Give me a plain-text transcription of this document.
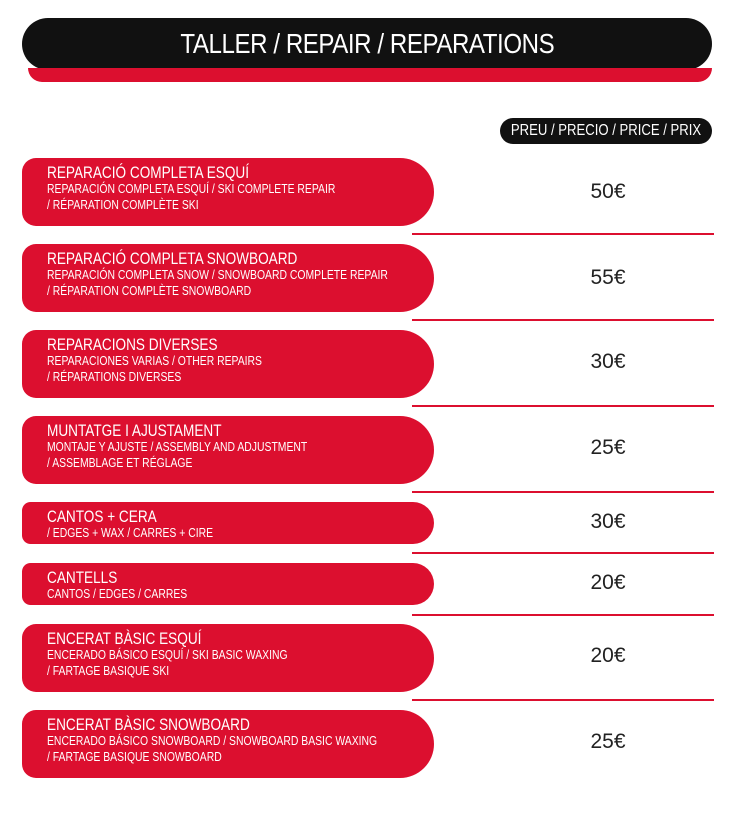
TALLER / REPAIR / REPARATIONS
PREU / PRECIO / PRICE / PRIX
REPARACIÓ COMPLETA ESQUÍ
REPARACIÓN COMPLETA ESQUÍ / SKI COMPLETE REPAIR
/ RÉPARATION COMPLÈTE SKI
50€
REPARACIÓ COMPLETA SNOWBOARD
REPARACIÓN COMPLETA SNOW / SNOWBOARD COMPLETE REPAIR
/ RÉPARATION COMPLÈTE SNOWBOARD
55€
REPARACIONS DIVERSES
REPARACIONES VARIAS / OTHER REPAIRS
/ RÉPARATIONS DIVERSES
30€
MUNTATGE I AJUSTAMENT
MONTAJE Y AJUSTE / ASSEMBLY AND ADJUSTMENT
/ ASSEMBLAGE ET RÉGLAGE
25€
CANTOS + CERA
/ EDGES + WAX / CARRES + CIRE	30€
CANTELLS
CANTOS / EDGES / CARRES	20€
ENCERAT BÀSIC ESQUÍ
ENCERADO BÁSICO ESQUÍ / SKI BASIC WAXING
/ FARTAGE BASIQUE SKI
20€
ENCERAT BÀSIC SNOWBOARD
ENCERADO BÁSICO SNOWBOARD / SNOWBOARD BASIC WAXING
/ FARTAGE BASIQUE SNOWBOARD
25€
